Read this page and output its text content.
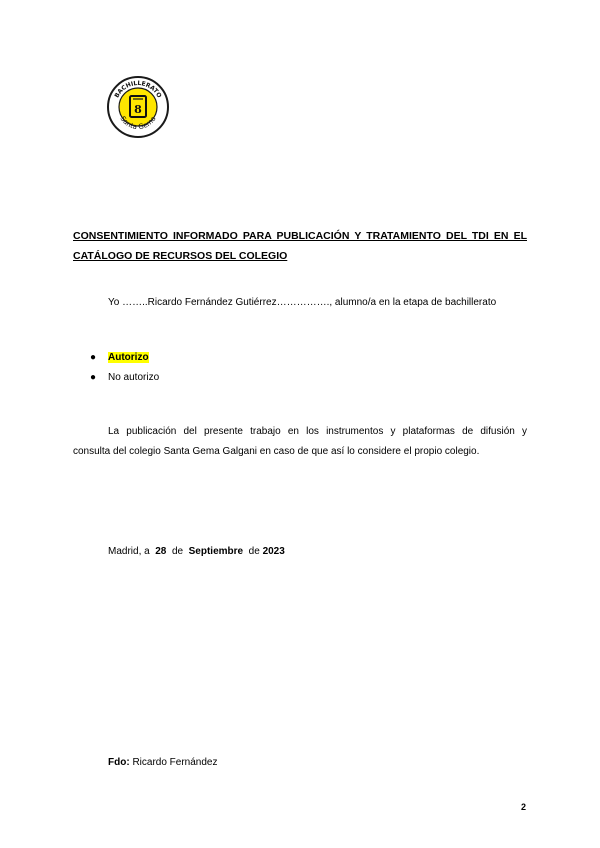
BACHILLERATO
Santa Gema
8
CONSENTIMIENTO INFORMADO PARA PUBLICACIÓN Y TRATAMIENTO DEL TDI EN EL
CATÁLOGO DE RECURSOS DEL COLEGIO
Yo ……..Ricardo Fernández Gutiérrez……………., alumno/a en la etapa de bachillerato
● Autorizo
● No autorizo
La publicación del presente trabajo en los instrumentos y plataformas de difusión y
consulta del colegio Santa Gema Galgani en caso de que así lo considere el propio colegio.
Madrid, a 28 de Septiembre de 2023
Fdo: Ricardo Fernández
2
